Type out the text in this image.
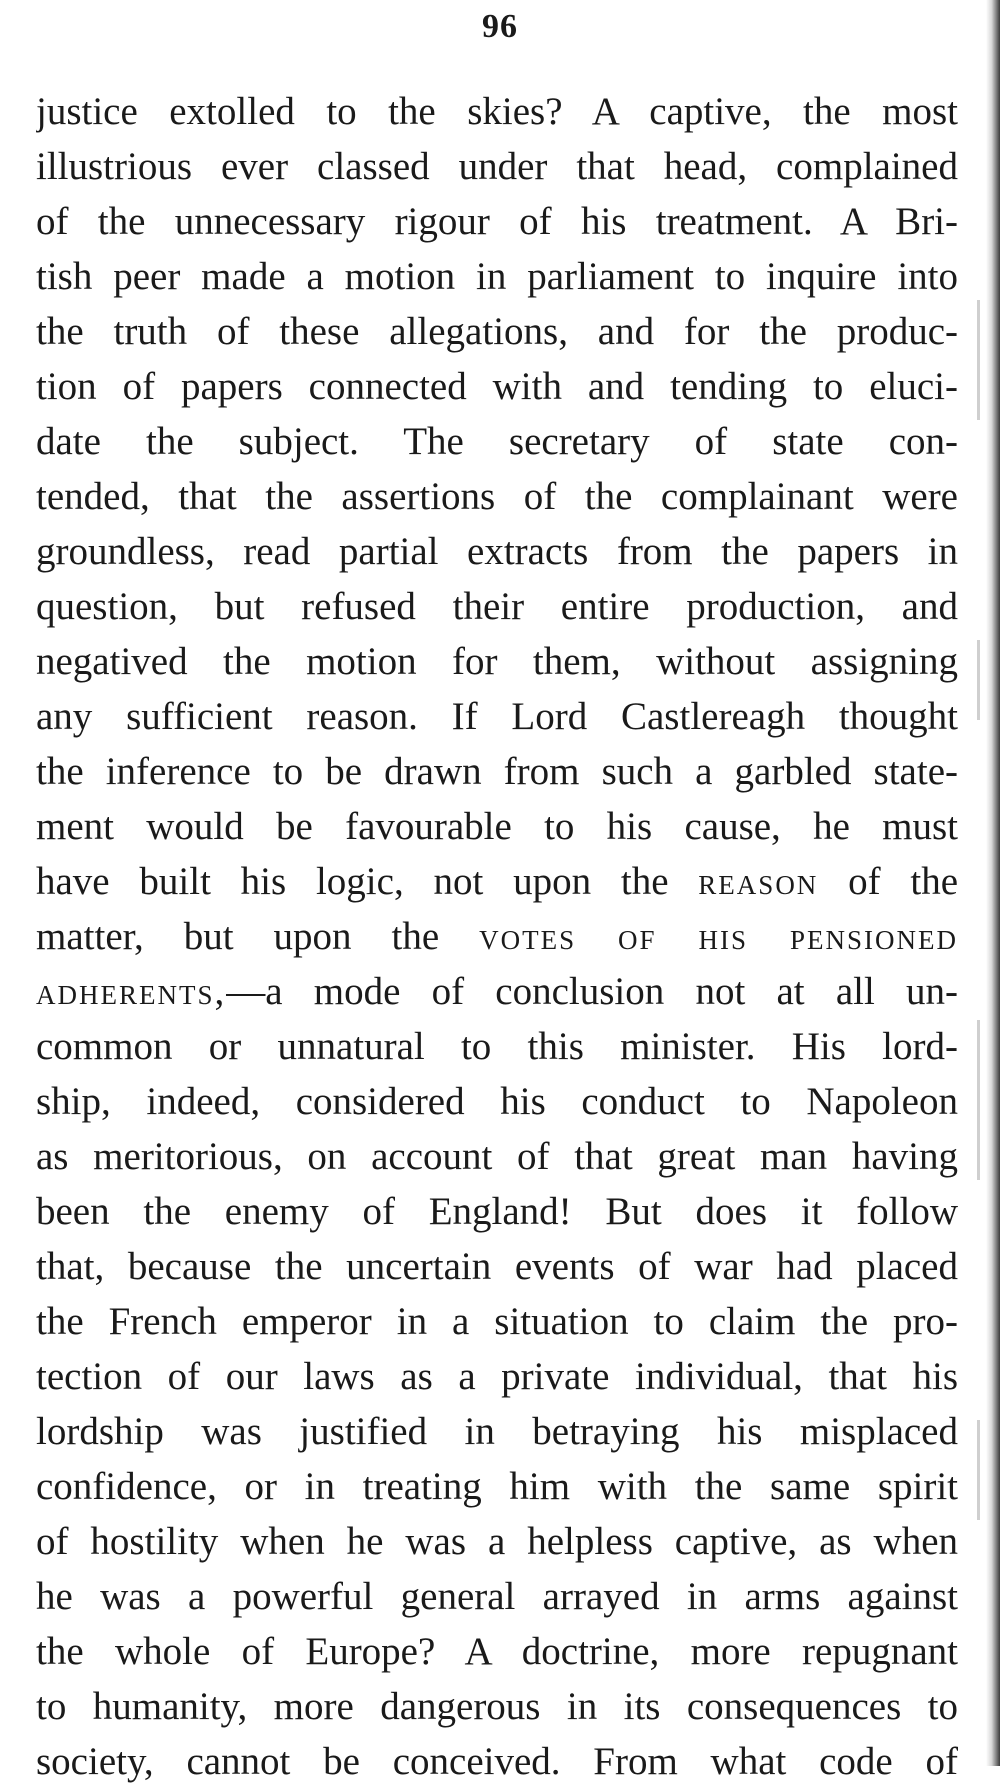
96
justice extolled to the skies? A captive, the most
illustrious ever classed under that head, complained
of the unnecessary rigour of his treatment. A Bri-
tish peer made a motion in parliament to inquire into
the truth of these allegations, and for the produc-
tion of papers connected with and tending to eluci-
date the subject. The secretary of state con-
tended, that the assertions of the complainant were
groundless, read partial extracts from the papers in
question, but refused their entire production, and
negatived the motion for them, without assigning
any sufficient reason. If Lord Castlereagh thought
the inference to be drawn from such a garbled state-
ment would be favourable to his cause, he must
have built his logic, not upon the reason of the
matter, but upon the votes of his pensioned
adherents,—a mode of conclusion not at all un-
common or unnatural to this minister. His lord-
ship, indeed, considered his conduct to Napoleon
as meritorious, on account of that great man having
been the enemy of England! But does it follow
that, because the uncertain events of war had placed
the French emperor in a situation to claim the pro-
tection of our laws as a private individual, that his
lordship was justified in betraying his misplaced
confidence, or in treating him with the same spirit
of hostility when he was a helpless captive, as when
he was a powerful general arrayed in arms against
the whole of Europe? A doctrine, more repugnant
to humanity, more dangerous in its consequences to
society, cannot be conceived. From what code of
